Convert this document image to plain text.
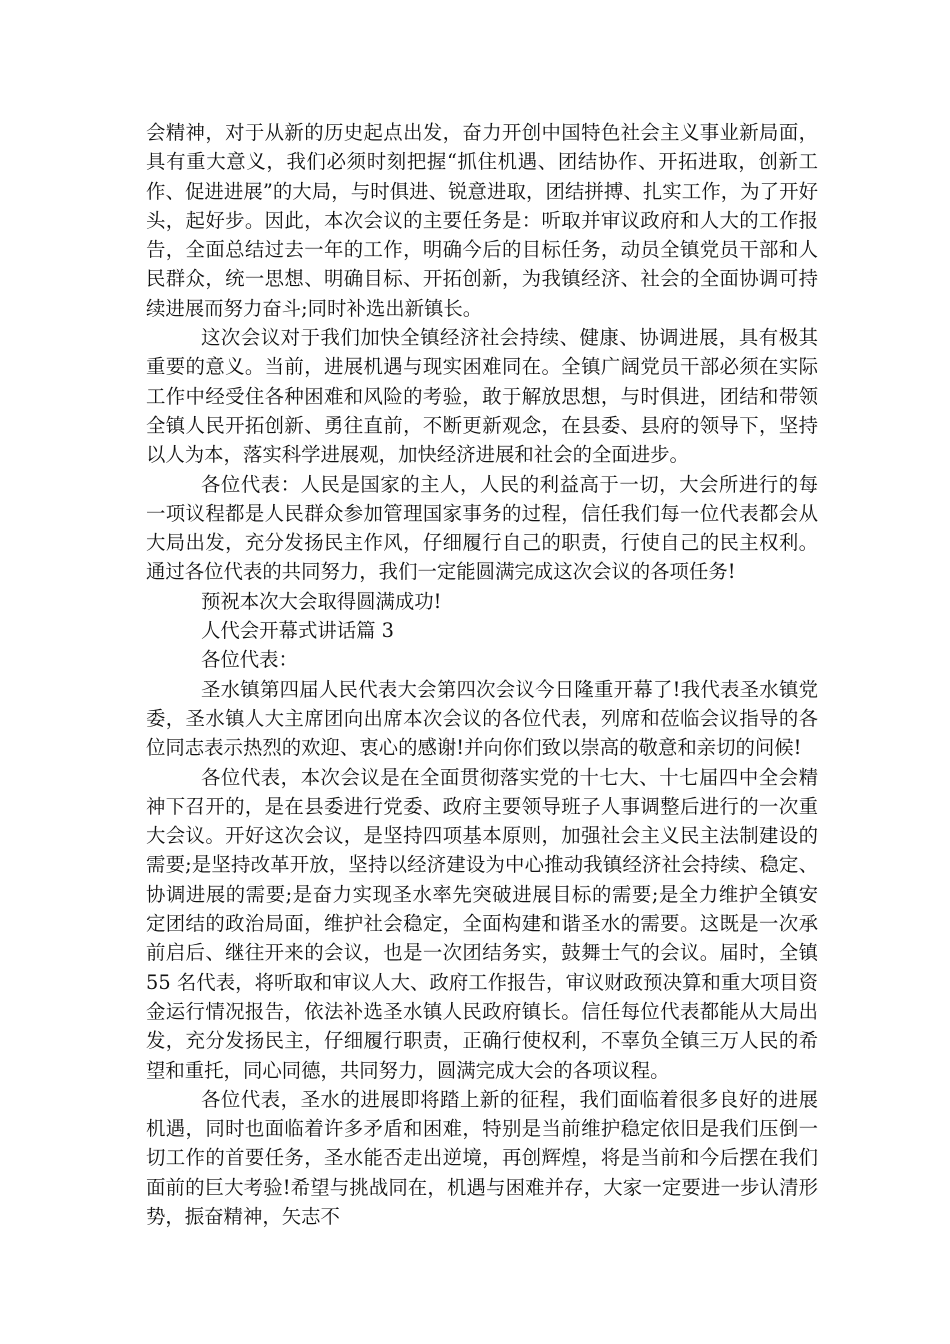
会精神，对于从新的历史起点出发，奋力开创中国特色社会主义事业新局面，具有重大意义，我们必须时刻把握“抓住机遇、团结协作、开拓进取，创新工作、促进进展”的大局，与时俱进、锐意进取，团结拼搏、扎实工作，为了开好头，起好步。因此，本次会议的主要任务是：听取并审议政府和人大的工作报告，全面总结过去一年的工作，明确今后的目标任务，动员全镇党员干部和人民群众，统一思想、明确目标、开拓创新，为我镇经济、社会的全面协调可持续进展而努力奋斗;同时补选出新镇长。

这次会议对于我们加快全镇经济社会持续、健康、协调进展，具有极其重要的意义。当前，进展机遇与现实困难同在。全镇广阔党员干部必须在实际工作中经受住各种困难和风险的考验，敢于解放思想，与时俱进，团结和带领全镇人民开拓创新、勇往直前，不断更新观念，在县委、县府的领导下，坚持以人为本，落实科学进展观，加快经济进展和社会的全面进步。

各位代表：人民是国家的主人，人民的利益高于一切，大会所进行的每一项议程都是人民群众参加管理国家事务的过程，信任我们每一位代表都会从大局出发，充分发扬民主作风，仔细履行自己的职责，行使自己的民主权利。通过各位代表的共同努力，我们一定能圆满完成这次会议的各项任务!

预祝本次大会取得圆满成功!

人代会开幕式讲话篇 3

各位代表：

圣水镇第四届人民代表大会第四次会议今日隆重开幕了!我代表圣水镇党委，圣水镇人大主席团向出席本次会议的各位代表，列席和莅临会议指导的各位同志表示热烈的欢迎、衷心的感谢!并向你们致以崇高的敬意和亲切的问候!

各位代表，本次会议是在全面贯彻落实党的十七大、十七届四中全会精神下召开的，是在县委进行党委、政府主要领导班子人事调整后进行的一次重大会议。开好这次会议，是坚持四项基本原则，加强社会主义民主法制建设的需要;是坚持改革开放，坚持以经济建设为中心推动我镇经济社会持续、稳定、协调进展的需要;是奋力实现圣水率先突破进展目标的需要;是全力维护全镇安定团结的政治局面，维护社会稳定，全面构建和谐圣水的需要。这既是一次承前启后、继往开来的会议，也是一次团结务实，鼓舞士气的会议。届时，全镇 55 名代表，将听取和审议人大、政府工作报告，审议财政预决算和重大项目资金运行情况报告，依法补选圣水镇人民政府镇长。信任每位代表都能从大局出发，充分发扬民主，仔细履行职责，正确行使权利，不辜负全镇三万人民的希望和重托，同心同德，共同努力，圆满完成大会的各项议程。

各位代表，圣水的进展即将踏上新的征程，我们面临着很多良好的进展机遇，同时也面临着许多矛盾和困难，特别是当前维护稳定依旧是我们压倒一切工作的首要任务，圣水能否走出逆境，再创辉煌，将是当前和今后摆在我们面前的巨大考验!希望与挑战同在，机遇与困难并存，大家一定要进一步认清形势，振奋精神，矢志不
